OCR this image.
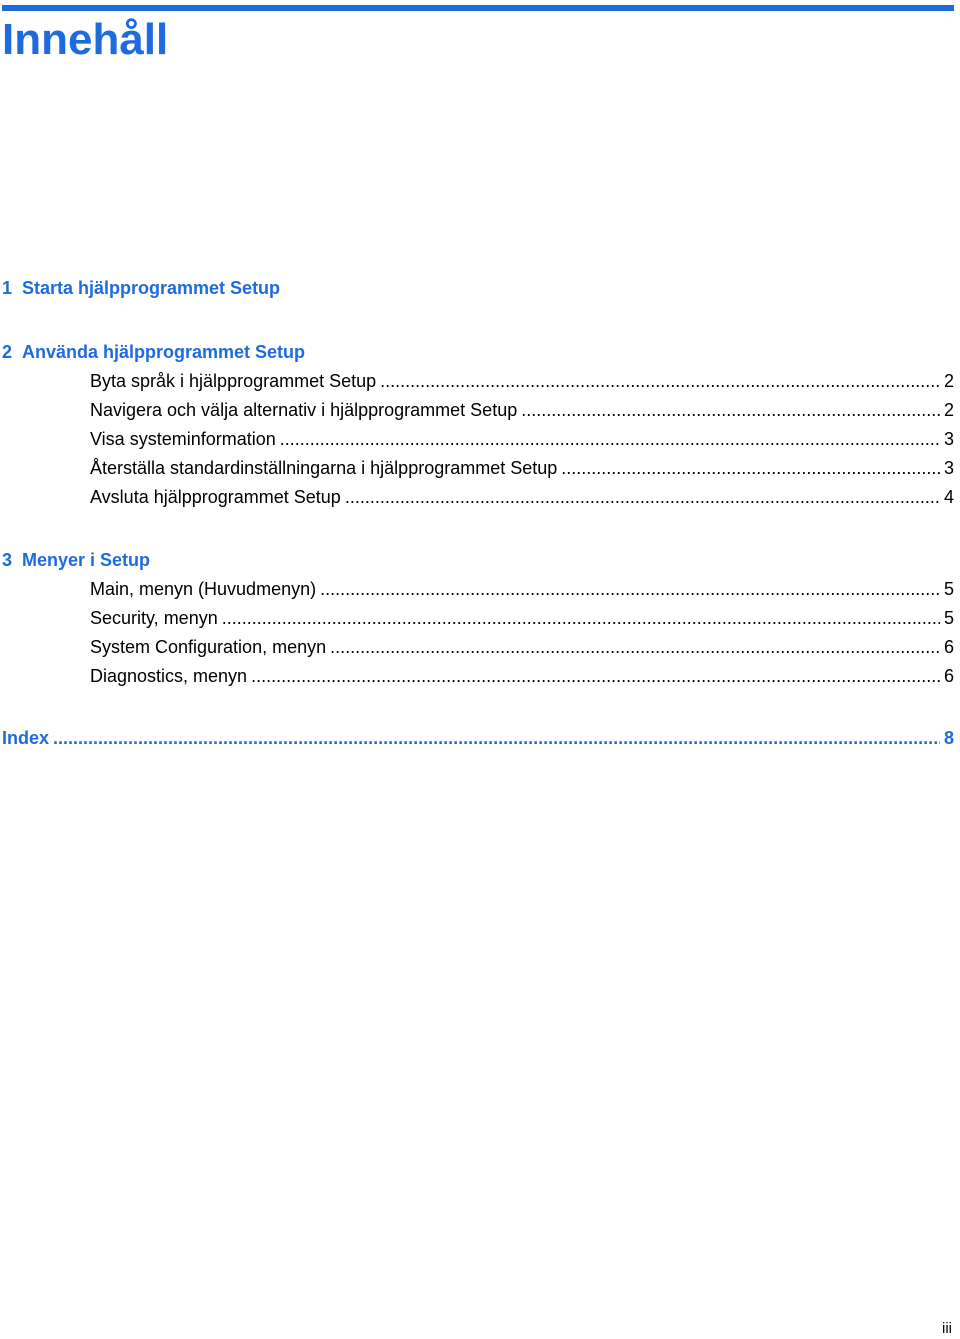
Innehåll
1 Starta hjälpprogrammet Setup
2 Använda hjälpprogrammet Setup
Byta språk i hjälpprogrammet Setup .....	2
Navigera och välja alternativ i hjälpprogrammet Setup .....	2
Visa systeminformation .....	3
Återställa standardinställningarna i hjälpprogrammet Setup .....	3
Avsluta hjälpprogrammet Setup .....	4
3 Menyer i Setup
Main, menyn (Huvudmenyn) .....	5
Security, menyn .....	5
System Configuration, menyn .....	6
Diagnostics, menyn .....	6
Index .....	8
iii
